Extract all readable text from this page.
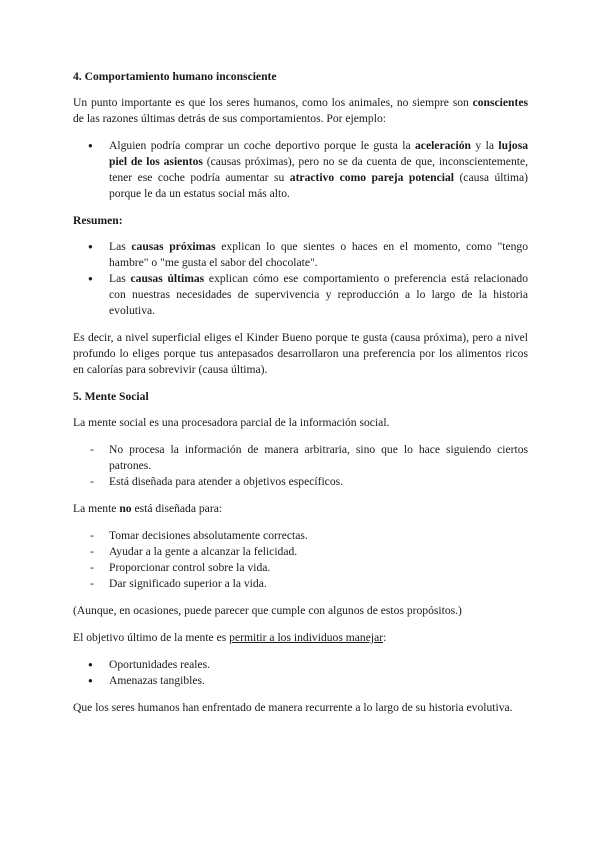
4. Comportamiento humano inconsciente

Un punto importante es que los seres humanos, como los animales, no siempre son conscientes de las razones últimas detrás de sus comportamientos. Por ejemplo:

● Alguien podría comprar un coche deportivo porque le gusta la aceleración y la lujosa piel de los asientos (causas próximas), pero no se da cuenta de que, inconscientemente, tener ese coche podría aumentar su atractivo como pareja potencial (causa última) porque le da un estatus social más alto.
Resumen:
● Las causas próximas explican lo que sientes o haces en el momento, como "tengo hambre" o "me gusta el sabor del chocolate".
● Las causas últimas explican cómo ese comportamiento o preferencia está relacionado con nuestras necesidades de supervivencia y reproducción a lo largo de la historia evolutiva.

Es decir, a nivel superficial eliges el Kinder Bueno porque te gusta (causa próxima), pero a nivel profundo lo eliges porque tus antepasados desarrollaron una preferencia por los alimentos ricos en calorías para sobrevivir (causa última).

5. Mente Social

La mente social es una procesadora parcial de la información social.

- No procesa la información de manera arbitraria, sino que lo hace siguiendo ciertos patrones.
- Está diseñada para atender a objetivos específicos.

La mente no está diseñada para:

- Tomar decisiones absolutamente correctas.
- Ayudar a la gente a alcanzar la felicidad.
- Proporcionar control sobre la vida.
- Dar significado superior a la vida.

(Aunque, en ocasiones, puede parecer que cumple con algunos de estos propósitos.)

El objetivo último de la mente es permitir a los individuos manejar:

● Oportunidades reales.
● Amenazas tangibles.

Que los seres humanos han enfrentado de manera recurrente a lo largo de su historia evolutiva.
